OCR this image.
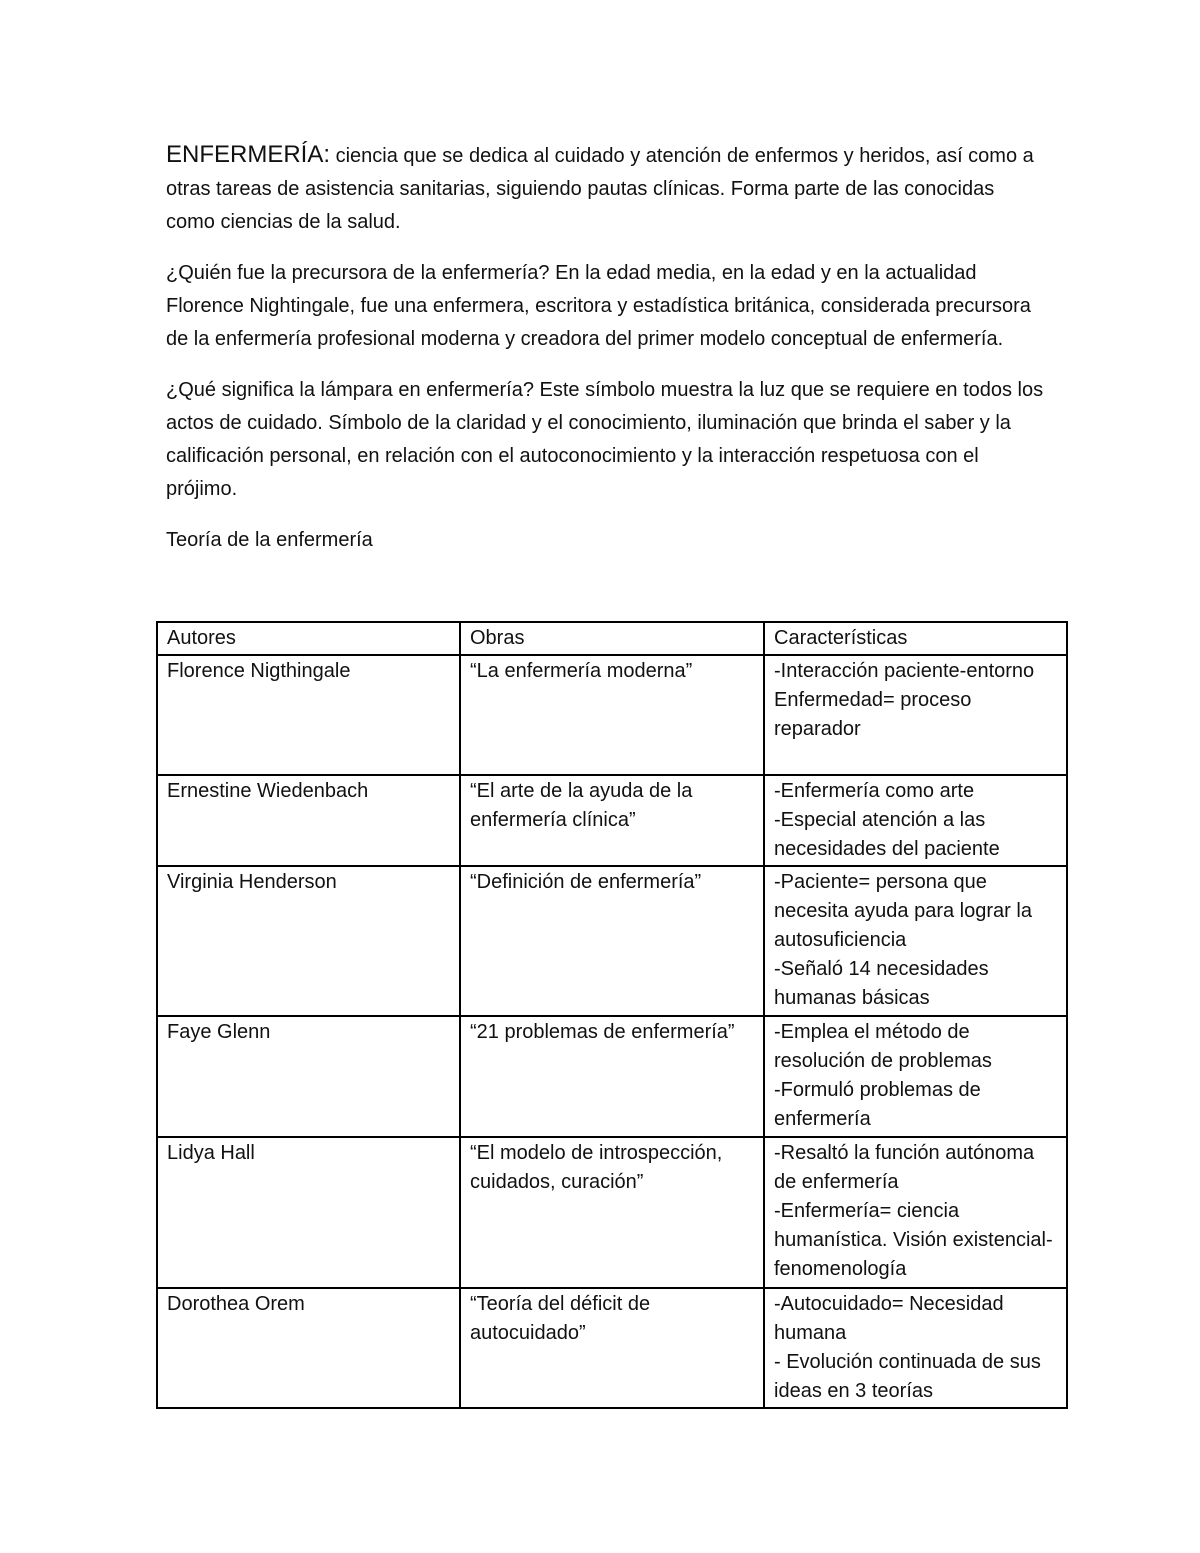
ENFERMERÍA: ciencia que se dedica al cuidado y atención de enfermos y heridos, así como a otras tareas de asistencia sanitarias, siguiendo pautas clínicas. Forma parte de las conocidas como ciencias de la salud.

¿Quién fue la precursora de la enfermería? En la edad media, en la edad y en la actualidad Florence Nightingale, fue una enfermera, escritora y estadística británica, considerada precursora de la enfermería profesional moderna y creadora del primer modelo conceptual de enfermería.

¿Qué significa la lámpara en enfermería? Este símbolo muestra la luz que se requiere en todos los actos de cuidado. Símbolo de la claridad y el conocimiento, iluminación que brinda el saber y la calificación personal, en relación con el autoconocimiento y la interacción respetuosa con el prójimo.

Teoría de la enfermería

Autores	Obras	Características
Florence Nigthingale	“La enfermería moderna”	-Interacción paciente-entorno
Enfermedad= proceso reparador

Ernestine Wiedenbach	“El arte de la ayuda de la enfermería clínica”	-Enfermería como arte
-Especial atención a las necesidades del paciente

Virginia Henderson	“Definición de enfermería”	-Paciente= persona que necesita ayuda para lograr la autosuficiencia
-Señaló 14 necesidades humanas básicas

Faye Glenn	“21 problemas de enfermería”	-Emplea el método de resolución de problemas
-Formuló problemas de enfermería

Lidya Hall	“El modelo de introspección, cuidados, curación”	-Resaltó la función autónoma de enfermería
-Enfermería= ciencia humanística. Visión existencial-fenomenología

Dorothea Orem	“Teoría del déficit de autocuidado”	-Autocuidado= Necesidad humana
- Evolución continuada de sus ideas en 3 teorías
